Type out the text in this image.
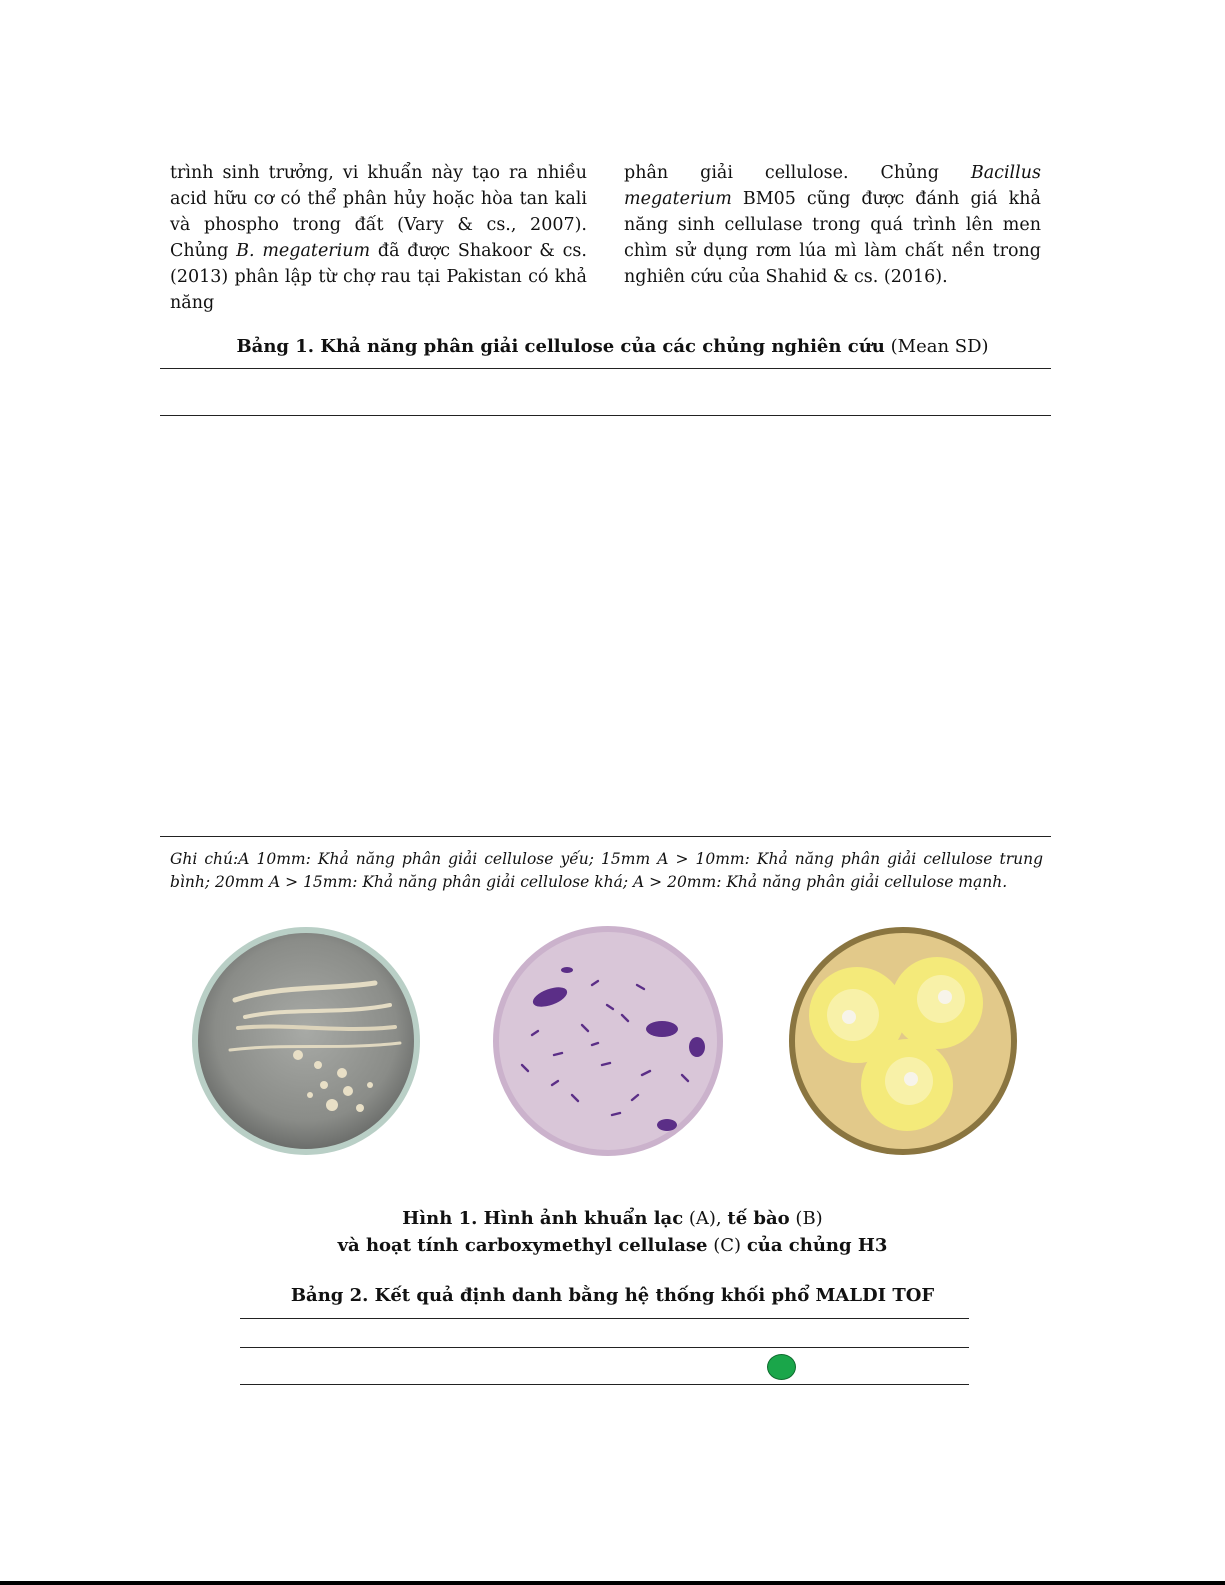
trình sinh trưởng, vi khuẩn này tạo ra nhiều acid hữu cơ có thể phân hủy hoặc hòa tan kali và phospho trong đất (Vary & cs., 2007). Chủng B. megaterium đã được Shakoor & cs. (2013) phân lập từ chợ rau tại Pakistan có khả năng

phân giải cellulose. Chủng Bacillus megaterium BM05 cũng được đánh giá khả năng sinh cellulase trong quá trình lên men chìm sử dụng rơm lúa mì làm chất nền trong nghiên cứu của Shahid & cs. (2016).

Bảng 1. Khả năng phân giải cellulose của các chủng nghiên cứu (Mean SD)
Ghi chú:A 10mm: Khả năng phân giải cellulose yếu; 15mm A > 10mm: Khả năng phân giải cellulose trung bình; 20mm A > 15mm: Khả năng phân giải cellulose khá; A > 20mm: Khả năng phân giải cellulose mạnh.
Hình 1. Hình ảnh khuẩn lạc (A), tế bào (B)
và hoạt tính carboxymethyl cellulase (C) của chủng H3
Bảng 2. Kết quả định danh bằng hệ thống khối phổ MALDI TOF
